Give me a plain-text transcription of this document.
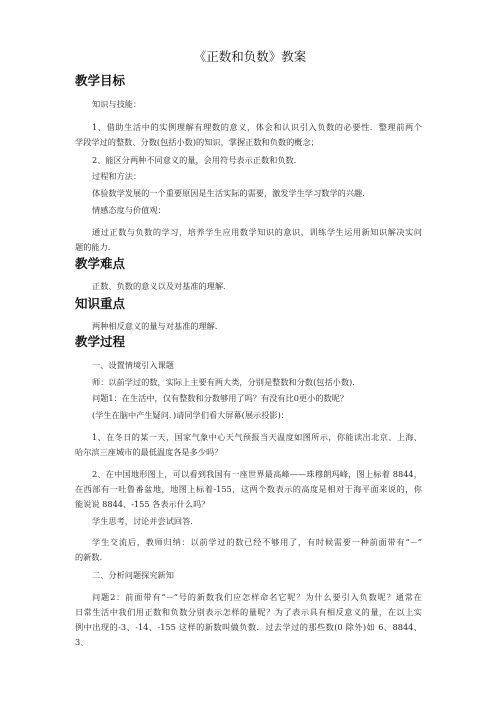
《正数和负数》教案
教学目标
知识与技能：
1、借助生活中的实例理解有理数的意义，体会和认识引入负数的必要性．整理前两个
学段学过的整数、分数(包括小数)的知识，掌握正数和负数的概念；
2、能区分两种不同意义的量，会用符号表示正数和负数．
过程和方法：
体验数学发展的一个重要原因是生活实际的需要，激发学生学习数学的兴趣．
情感态度与价值观：
通过正数与负数的学习，培养学生应用数学知识的意识，训练学生运用新知识解决实问
题的能力．
教学难点
正数、负数的意义以及对基准的理解．
知识重点
两种相反意义的量与对基准的理解．
教学过程
一、设置情境引入课题
师：以前学过的数，实际上主要有两大类，分别是整数和分数(包括小数)．
问题1：在生活中，仅有整数和分数够用了吗？有没有比0更小的数呢？
(学生在脑中产生疑问．)请同学们看大屏幕(展示投影)：
1、在冬日的某一天，国家气象中心天气预报当天温度如图所示，你能读出北京、上海、
哈尔滨三座城市的最低温度各是多少吗？
2、在中国地形图上，可以看到我国有一座世界最高峰——珠穆朗玛峰，图上标着 8844，
在西部有一吐鲁番盆地，地图上标着-155，这两个数表示的高度是相对于海平面来说的，你
能说说 8844、-155 各表示什么吗？
学生思考，讨论并尝试回答．
学生交流后，教师归纳：以前学过的数已经不够用了，有时候需要一种前面带有“－”
的新数．
二、分析问题探究新知
问题2：前面带有“－”号的新数我们应怎样命名它呢？为什么要引入负数呢？通常在
日常生活中我们用正数和负数分别表示怎样的量呢？为了表示具有相反意义的量，在以上实
例中出现的-3、-14、-155 这样的新数叫做负数．过去学过的那些数(0 除外)如 6、8844、
3、
